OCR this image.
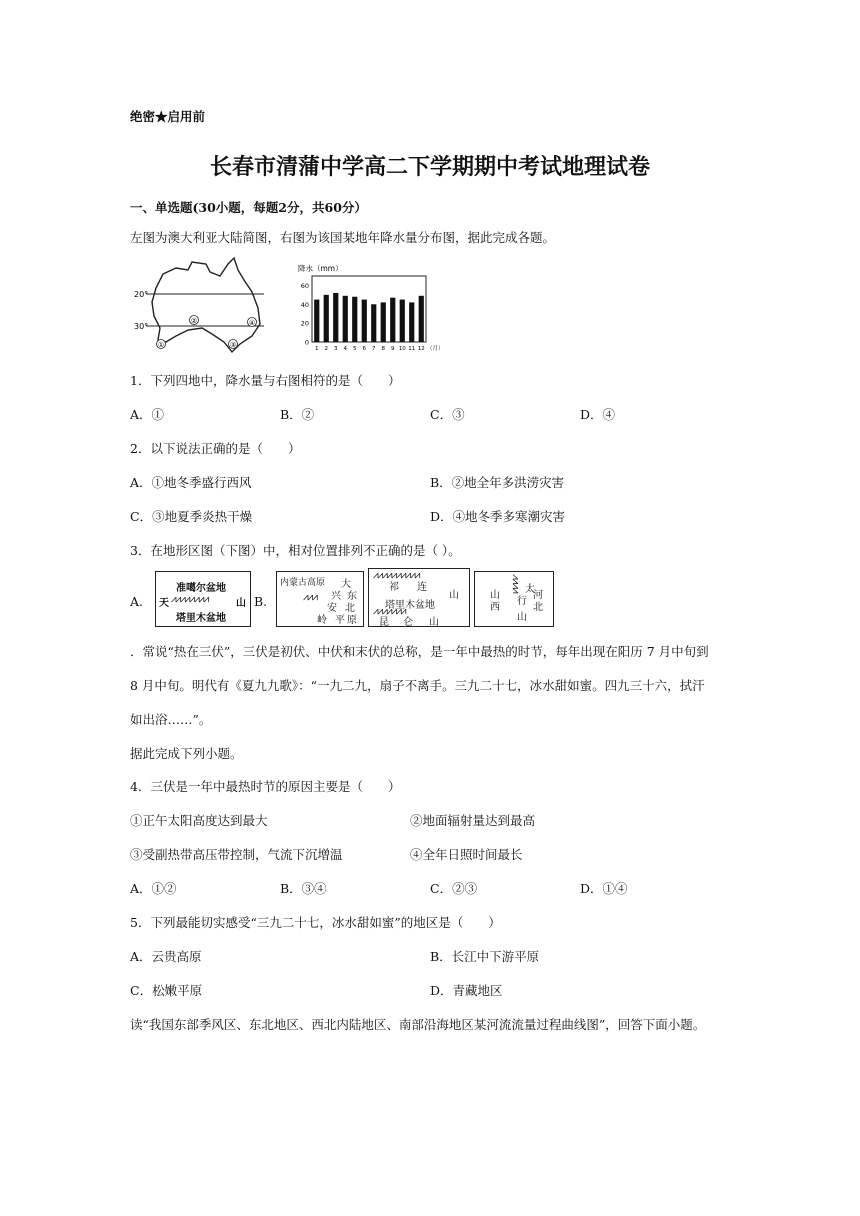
绝密★启用前
长春市清蒲中学高二下学期期中考试地理试卷
一、单选题(30小题，每题2分，共60分）
左图为澳大利亚大陆简图，右图为该国某地年降水量分布图，据此完成各题。
20°
30°
①
②
③
④
降水（mm）
60
40
20
0
1 2 3 4 5 6 7 8 9 10 11 12 （月）
1．下列四地中，降水量与右图相符的是（　　）
A．①	B．②	C．③	D．④
2．以下说法正确的是（　　）
A．①地冬季盛行西风	B．②地全年多洪涝灾害
C．③地夏季炎热干燥	D．④地冬季多寒潮灾害
3．在地形区图（下图）中，相对位置排列不正确的是（ ）。
A.
准噶尔盆地
天 ⩘⩘⩘⩘⩘⩘⩘⩘	山
塔里木盆地
B.
内蒙古高原 大
兴 东
安 北
岭 平 原
⩘⩘⩘
⩘⩘⩘⩘⩘⩘⩘⩘⩘⩘
祁 连
山
塔里木盆地
⩘⩘⩘⩘⩘⩘⩘
昆 仑 山
山
西
太
行
河
北
山
⩘⩘⩘⩘
．常说“热在三伏”，三伏是初伏、中伏和末伏的总称，是一年中最热的时节，每年出现在阳历 7 月中旬到
8 月中旬。明代有《夏九九歌》：“一九二九，扇子不离手。三九二十七，冰水甜如蜜。四九三十六，拭汗
如出浴……”。
据此完成下列小题。
4．三伏是一年中最热时节的原因主要是（　　）
①正午太阳高度达到最大	②地面辐射量达到最高
③受副热带高压带控制，气流下沉增温	④全年日照时间最长
A．①②	B．③④	C．②③	D．①④
5．下列最能切实感受“三九二十七，冰水甜如蜜”的地区是（　　）
A．云贵高原	B．长江中下游平原
C．松嫩平原	D．青藏地区
读“我国东部季风区、东北地区、西北内陆地区、南部沿海地区某河流流量过程曲线图”，回答下面小题。
